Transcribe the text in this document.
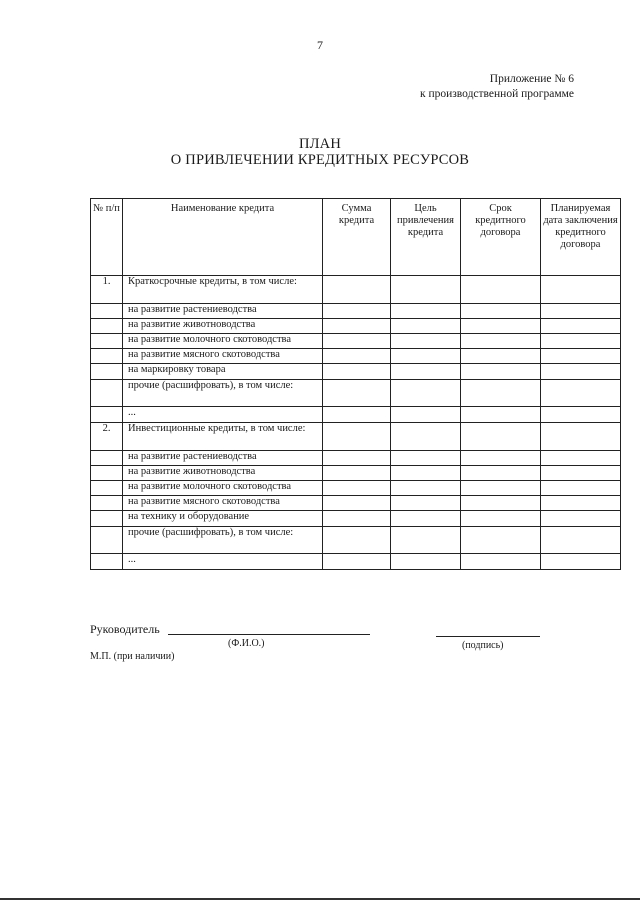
7
Приложение № 6
к производственной программе
ПЛАН
О ПРИВЛЕЧЕНИИ КРЕДИТНЫХ РЕСУРСОВ
№ п/п	Наименование кредита	Сумма кредита	Цель привлечения кредита	Срок кредитного договора	Планируемая дата заключения кредитного договора
1.	Краткосрочные кредиты, в том числе:				
	на развитие растениеводства				
	на развитие животноводства				
	на развитие молочного скотоводства				
	на развитие мясного скотоводства				
	на маркировку товара				
	прочие (расшифровать), в том числе:				
	...				
2.	Инвестиционные кредиты, в том числе:				
	на развитие растениеводства				
	на развитие животноводства				
	на развитие молочного скотоводства				
	на развитие мясного скотоводства				
	на технику и оборудование				
	прочие (расшифровать), в том числе:				
	...				
Руководитель
(Ф.И.О.)	(подпись)
М.П. (при наличии)
